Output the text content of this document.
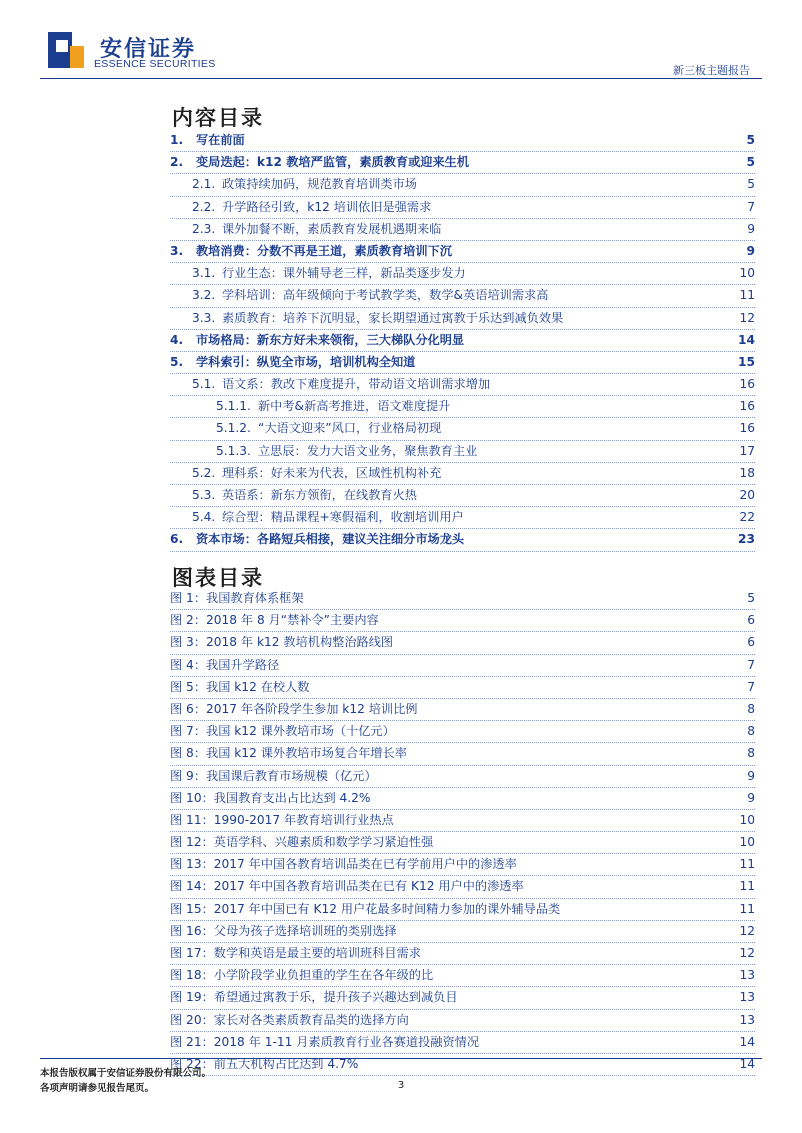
安信证券
ESSENCE SECURITIES	新三板主题报告
内容目录
1. 写在前面	5
2. 变局迭起：k12 教培严监管，素质教育或迎来生机	5
2.1. 政策持续加码，规范教育培训类市场	5
2.2. 升学路径引致，k12 培训依旧是强需求	7
2.3. 课外加餐不断，素质教育发展机遇期来临	9
3. 教培消费：分数不再是王道，素质教育培训下沉	9
3.1. 行业生态：课外辅导老三样，新品类逐步发力	10
3.2. 学科培训：高年级倾向于考试教学类，数学&英语培训需求高	11
3.3. 素质教育：培养下沉明显，家长期望通过寓教于乐达到减负效果	12
4. 市场格局：新东方好未来领衔，三大梯队分化明显	14
5. 学科索引：纵览全市场，培训机构全知道	15
5.1. 语文系：教改下难度提升，带动语文培训需求增加	16
5.1.1. 新中考&新高考推进，语文难度提升	16
5.1.2. “大语文迎来”风口，行业格局初现	16
5.1.3. 立思辰：发力大语文业务，聚焦教育主业	17
5.2. 理科系：好未来为代表，区域性机构补充	18
5.3. 英语系：新东方领衔，在线教育火热	20
5.4. 综合型：精品课程+寒假福利，收割培训用户	22
6. 资本市场：各路短兵相接，建议关注细分市场龙头	23
图表目录
图 1：我国教育体系框架	5
图 2：2018 年 8 月“禁补令”主要内容	6
图 3：2018 年 k12 教培机构整治路线图	6
图 4：我国升学路径	7
图 5：我国 k12 在校人数	7
图 6：2017 年各阶段学生参加 k12 培训比例	8
图 7：我国 k12 课外教培市场（十亿元）	8
图 8：我国 k12 课外教培市场复合年增长率	8
图 9：我国课后教育市场规模（亿元）	9
图 10：我国教育支出占比达到 4.2%	9
图 11：1990-2017 年教育培训行业热点	10
图 12：英语学科、兴趣素质和数学学习紧迫性强	10
图 13：2017 年中国各教育培训品类在已有学前用户中的渗透率	11
图 14：2017 年中国各教育培训品类在已有 K12 用户中的渗透率	11
图 15：2017 年中国已有 K12 用户花最多时间精力参加的课外辅导品类	11
图 16：父母为孩子选择培训班的类别选择	12
图 17：数学和英语是最主要的培训班科目需求	12
图 18：小学阶段学业负担重的学生在各年级的比	13
图 19：希望通过寓教于乐，提升孩子兴趣达到减负目	13
图 20：家长对各类素质教育品类的选择方向	13
图 21：2018 年 1-11 月素质教育行业各赛道投融资情况	14
图 22：前五大机构占比达到 4.7%	14
本报告版权属于安信证券股份有限公司。
各项声明请参见报告尾页。	3
